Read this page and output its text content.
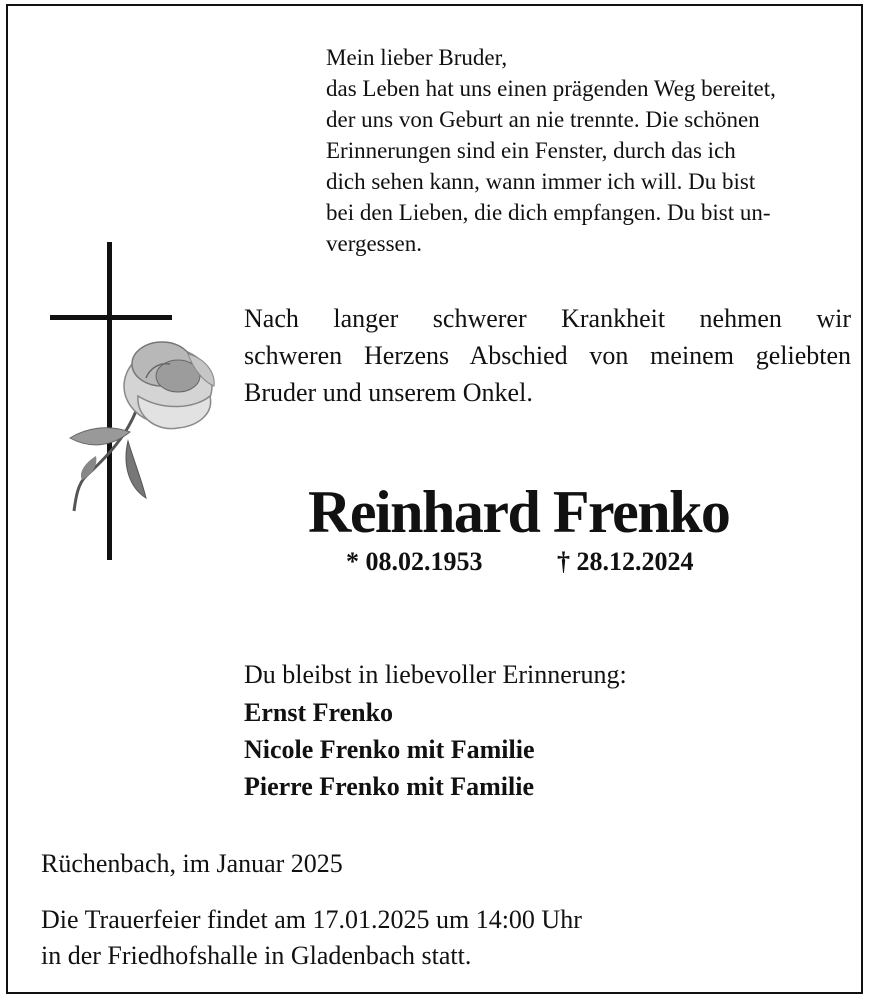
Mein lieber Bruder,
das Leben hat uns einen prägenden Weg bereitet,
der uns von Geburt an nie trennte. Die schönen
Erinnerungen sind ein Fenster, durch das ich
dich sehen kann, wann immer ich will. Du bist
bei den Lieben, die dich empfangen. Du bist un-
vergessen.
Nach langer schwerer Krankheit nehmen wir
schweren Herzens Abschied von meinem geliebten
Bruder und unserem Onkel.
Reinhard Frenko
* 08.02.1953	† 28.12.2024
Du bleibst in liebevoller Erinnerung:
Ernst Frenko
Nicole Frenko mit Familie
Pierre Frenko mit Familie
Rüchenbach, im Januar 2025
Die Trauerfeier findet am 17.01.2025 um 14:00 Uhr
in der Friedhofshalle in Gladenbach statt.
